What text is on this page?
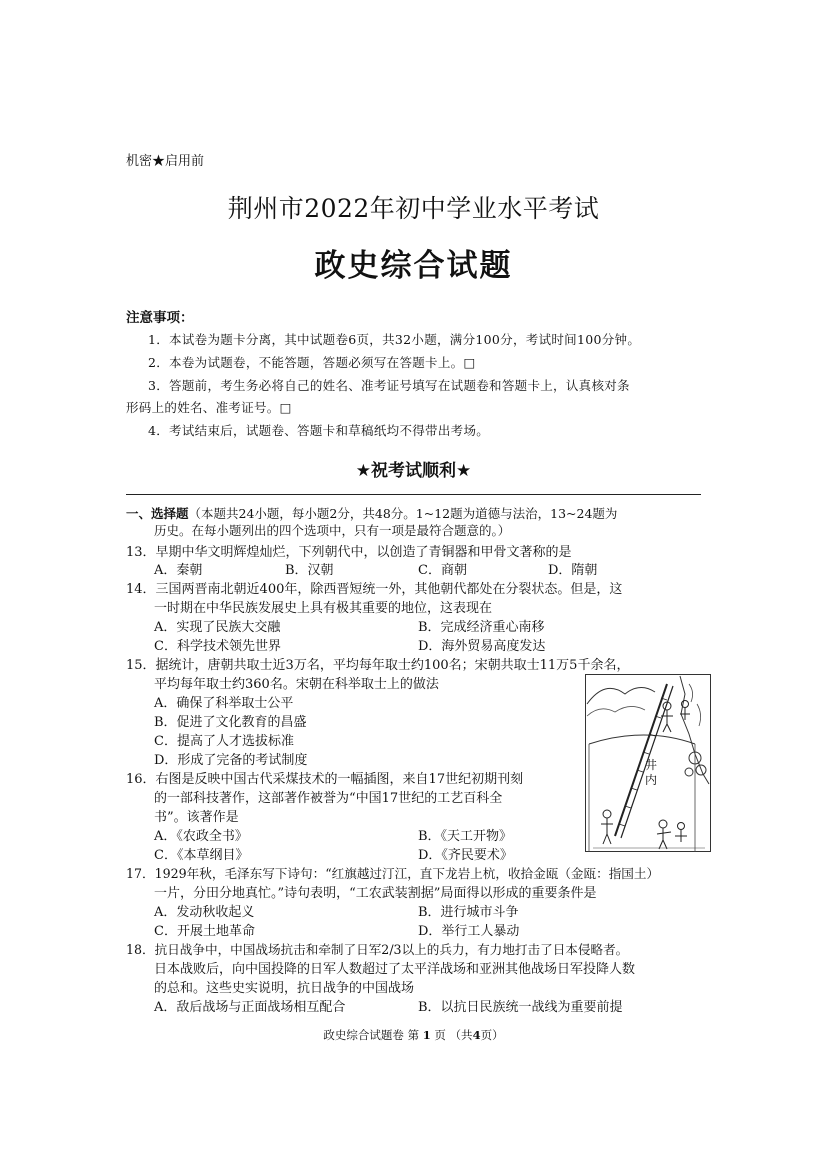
机密★启用前
荆州市2022年初中学业水平考试
政史综合试题
注意事项：
1．本试卷为题卡分离，其中试题卷6页，共32小题，满分100分，考试时间100分钟。
2．本卷为试题卷，不能答题，答题必须写在答题卡上。□
3．答题前，考生务必将自己的姓名、准考证号填写在试题卷和答题卡上，认真核对条
形码上的姓名、准考证号。□
4．考试结束后，试题卷、答题卡和草稿纸均不得带出考场。
★祝考试顺利★
一、选择题（本题共24小题，每小题2分，共48分。1~12题为道德与法治，13~24题为
历史。在每小题列出的四个选项中，只有一项是最符合题意的。）
13．早期中华文明辉煌灿烂，下列朝代中，以创造了青铜器和甲骨文著称的是
A．秦朝	B．汉朝	C．商朝	D．隋朝
14．三国两晋南北朝近400年，除西晋短统一外，其他朝代都处在分裂状态。但是，这
一时期在中华民族发展史上具有极其重要的地位，这表现在
A．实现了民族大交融	B．完成经济重心南移
C．科学技术领先世界	D．海外贸易高度发达
15．据统计，唐朝共取士近3万名，平均每年取士约100名；宋朝共取士11万5千余名，
平均每年取士约360名。宋朝在科举取士上的做法
A．确保了科举取士公平
B．促进了文化教育的昌盛
C．提高了人才选拔标准
D．形成了完备的考试制度	井内
16．右图是反映中国古代采煤技术的一幅插图，来自17世纪初期刊刻
的一部科技著作，这部著作被誉为“中国17世纪的工艺百科全
书”。该著作是
A．《农政全书》	B．《天工开物》
C．《本草纲目》	D．《齐民要术》
17．1929年秋，毛泽东写下诗句：“红旗越过汀江，直下龙岩上杭，收拾金瓯（金瓯：指国土）
一片，分田分地真忙。”诗句表明，“工农武装割据”局面得以形成的重要条件是
A．发动秋收起义	B．进行城市斗争
C．开展土地革命	D．举行工人暴动
18．抗日战争中，中国战场抗击和牵制了日军2/3以上的兵力，有力地打击了日本侵略者。
日本战败后，向中国投降的日军人数超过了太平洋战场和亚洲其他战场日军投降人数
的总和。这些史实说明，抗日战争的中国战场
A．敌后战场与正面战场相互配合	B．以抗日民族统一战线为重要前提
政史综合试题卷 第 1 页 （共4页）
